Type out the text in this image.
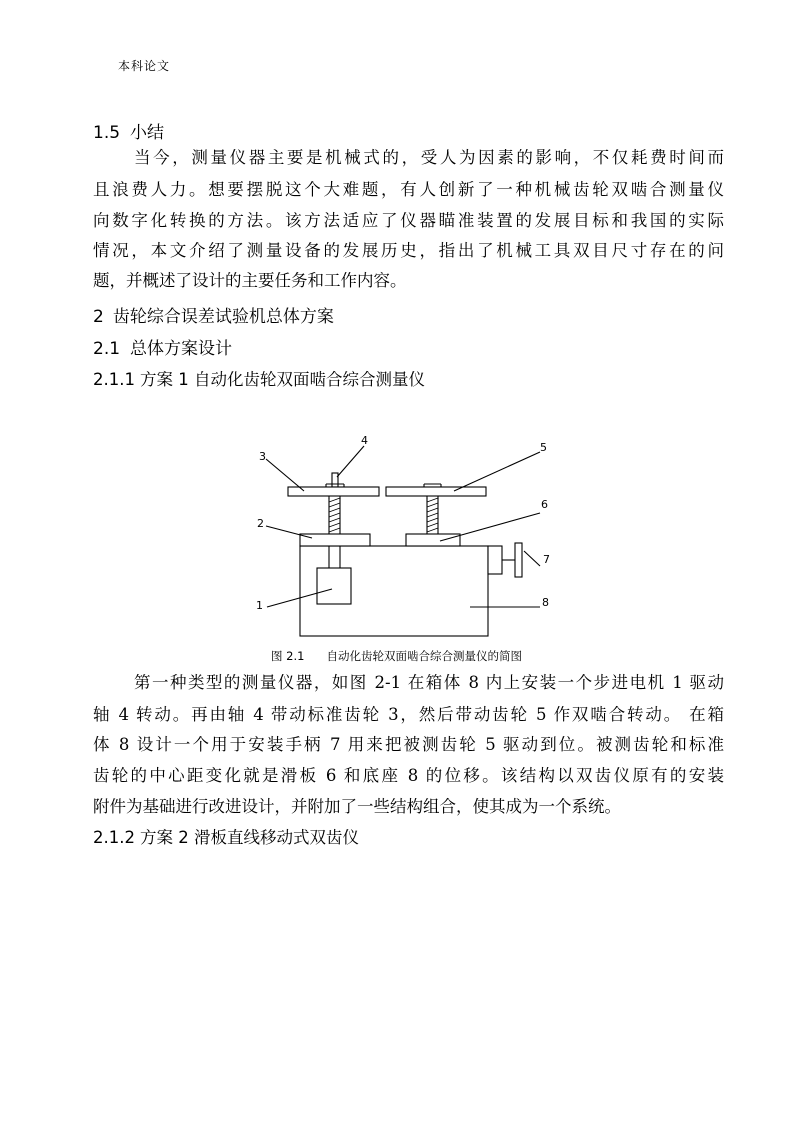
本科论文
1.5 小结
当今，测量仪器主要是机械式的，受人为因素的影响，不仅耗费时间而
且浪费人力。想要摆脱这个大难题，有人创新了一种机械齿轮双啮合测量仪
向数字化转换的方法。该方法适应了仪器瞄准装置的发展目标和我国的实际
情况，本文介绍了测量设备的发展历史，指出了机械工具双目尺寸存在的问
题，并概述了设计的主要任务和工作内容。
2 齿轮综合误差试验机总体方案
2.1 总体方案设计
2.1.1 方案 1 自动化齿轮双面啮合综合测量仪
1
2
3
4
5
6
7
8
图 2.1 自动化齿轮双面啮合综合测量仪的简图
第一种类型的测量仪器，如图 2-1 在箱体 8 内上安装一个步进电机 1 驱动
轴 4 转动。再由轴 4 带动标准齿轮 3，然后带动齿轮 5 作双啮合转动。 在箱
体 8 设计一个用于安装手柄 7 用来把被测齿轮 5 驱动到位。被测齿轮和标准
齿轮的中心距变化就是滑板 6 和底座 8 的位移。该结构以双齿仪原有的安装
附件为基础进行改进设计，并附加了一些结构组合，使其成为一个系统。
2.1.2 方案 2 滑板直线移动式双齿仪
